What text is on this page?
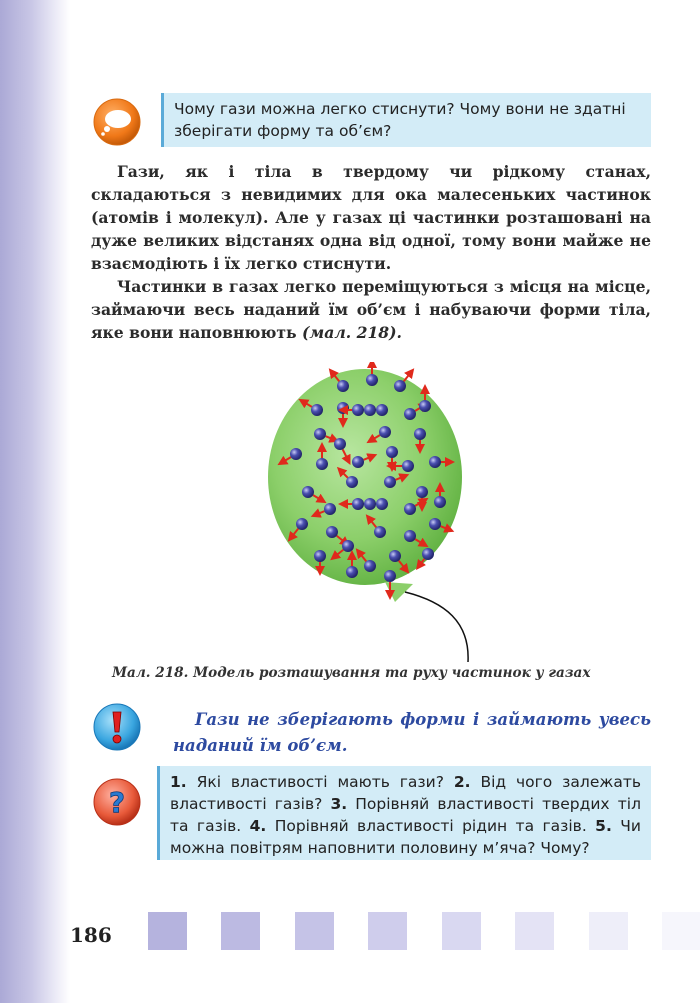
Чому гази можна легко стиснути? Чому вони не здатні зберігати форму та об’єм?

Гази, як і тіла в твердому чи рідкому станах, складаються з невидимих для ока малесеньких частинок (атомів і молекул). Але у газах ці частинки розташовані на дуже великих відстанях одна від одної, тому вони майже не взаємодіють і їх легко стиснути.

Частинки в газах легко переміщуються з місця на місце, займаючи весь наданий їм об’єм і набуваючи форми тіла, яке вони наповнюють (мал. 218).

Мал. 218. Модель розташування та руху частинок у газах
Гази не зберігають форми і займають увесь наданий їм об’єм.
?
1. Які властивості мають гази? 2. Від чого залежать властивості газів? 3. Порівняй властивості твердих тіл та газів. 4. Порівняй властивості рідин та газів. 5. Чи можна повітрям наповнити половину м’яча? Чому?
186
